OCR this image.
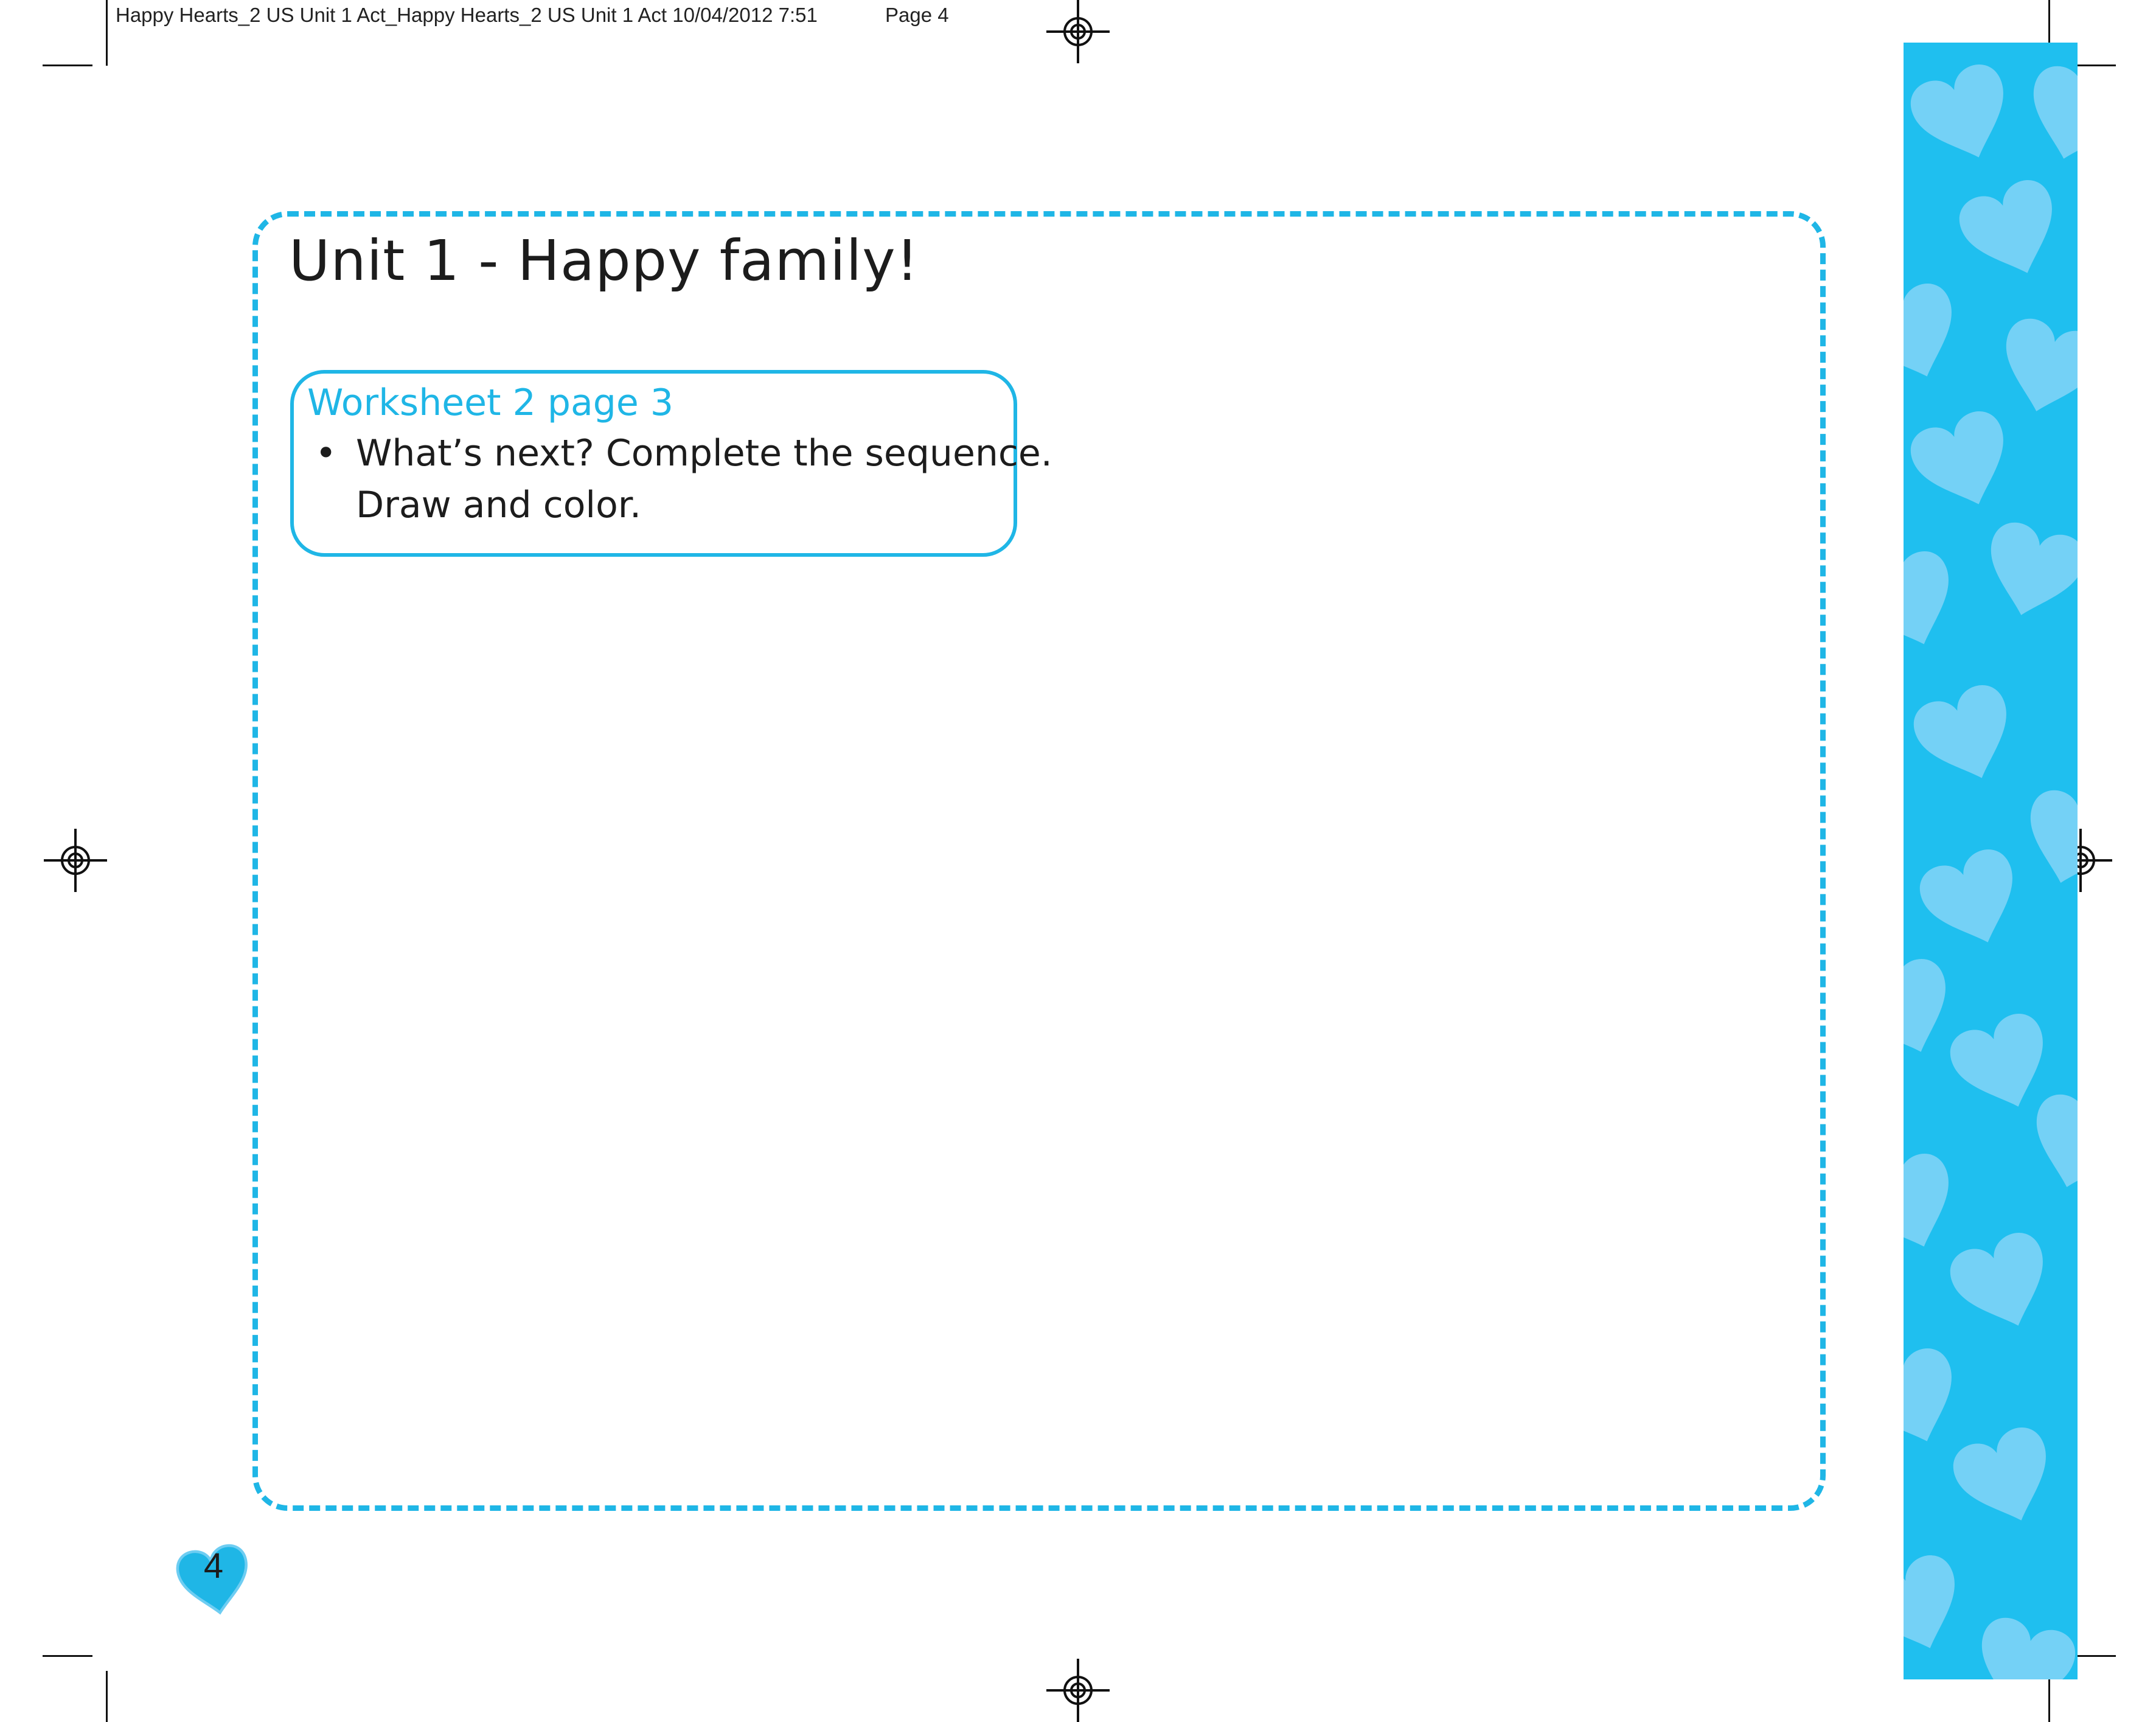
Happy Hearts_2 US Unit 1 Act_Happy Hearts_2 US Unit 1 Act 10/04/2012 7:51	Page 4
Unit 1 - Happy family!
Worksheet 2 page 3
• What’s next? Complete the sequence.
Draw and color.
4
